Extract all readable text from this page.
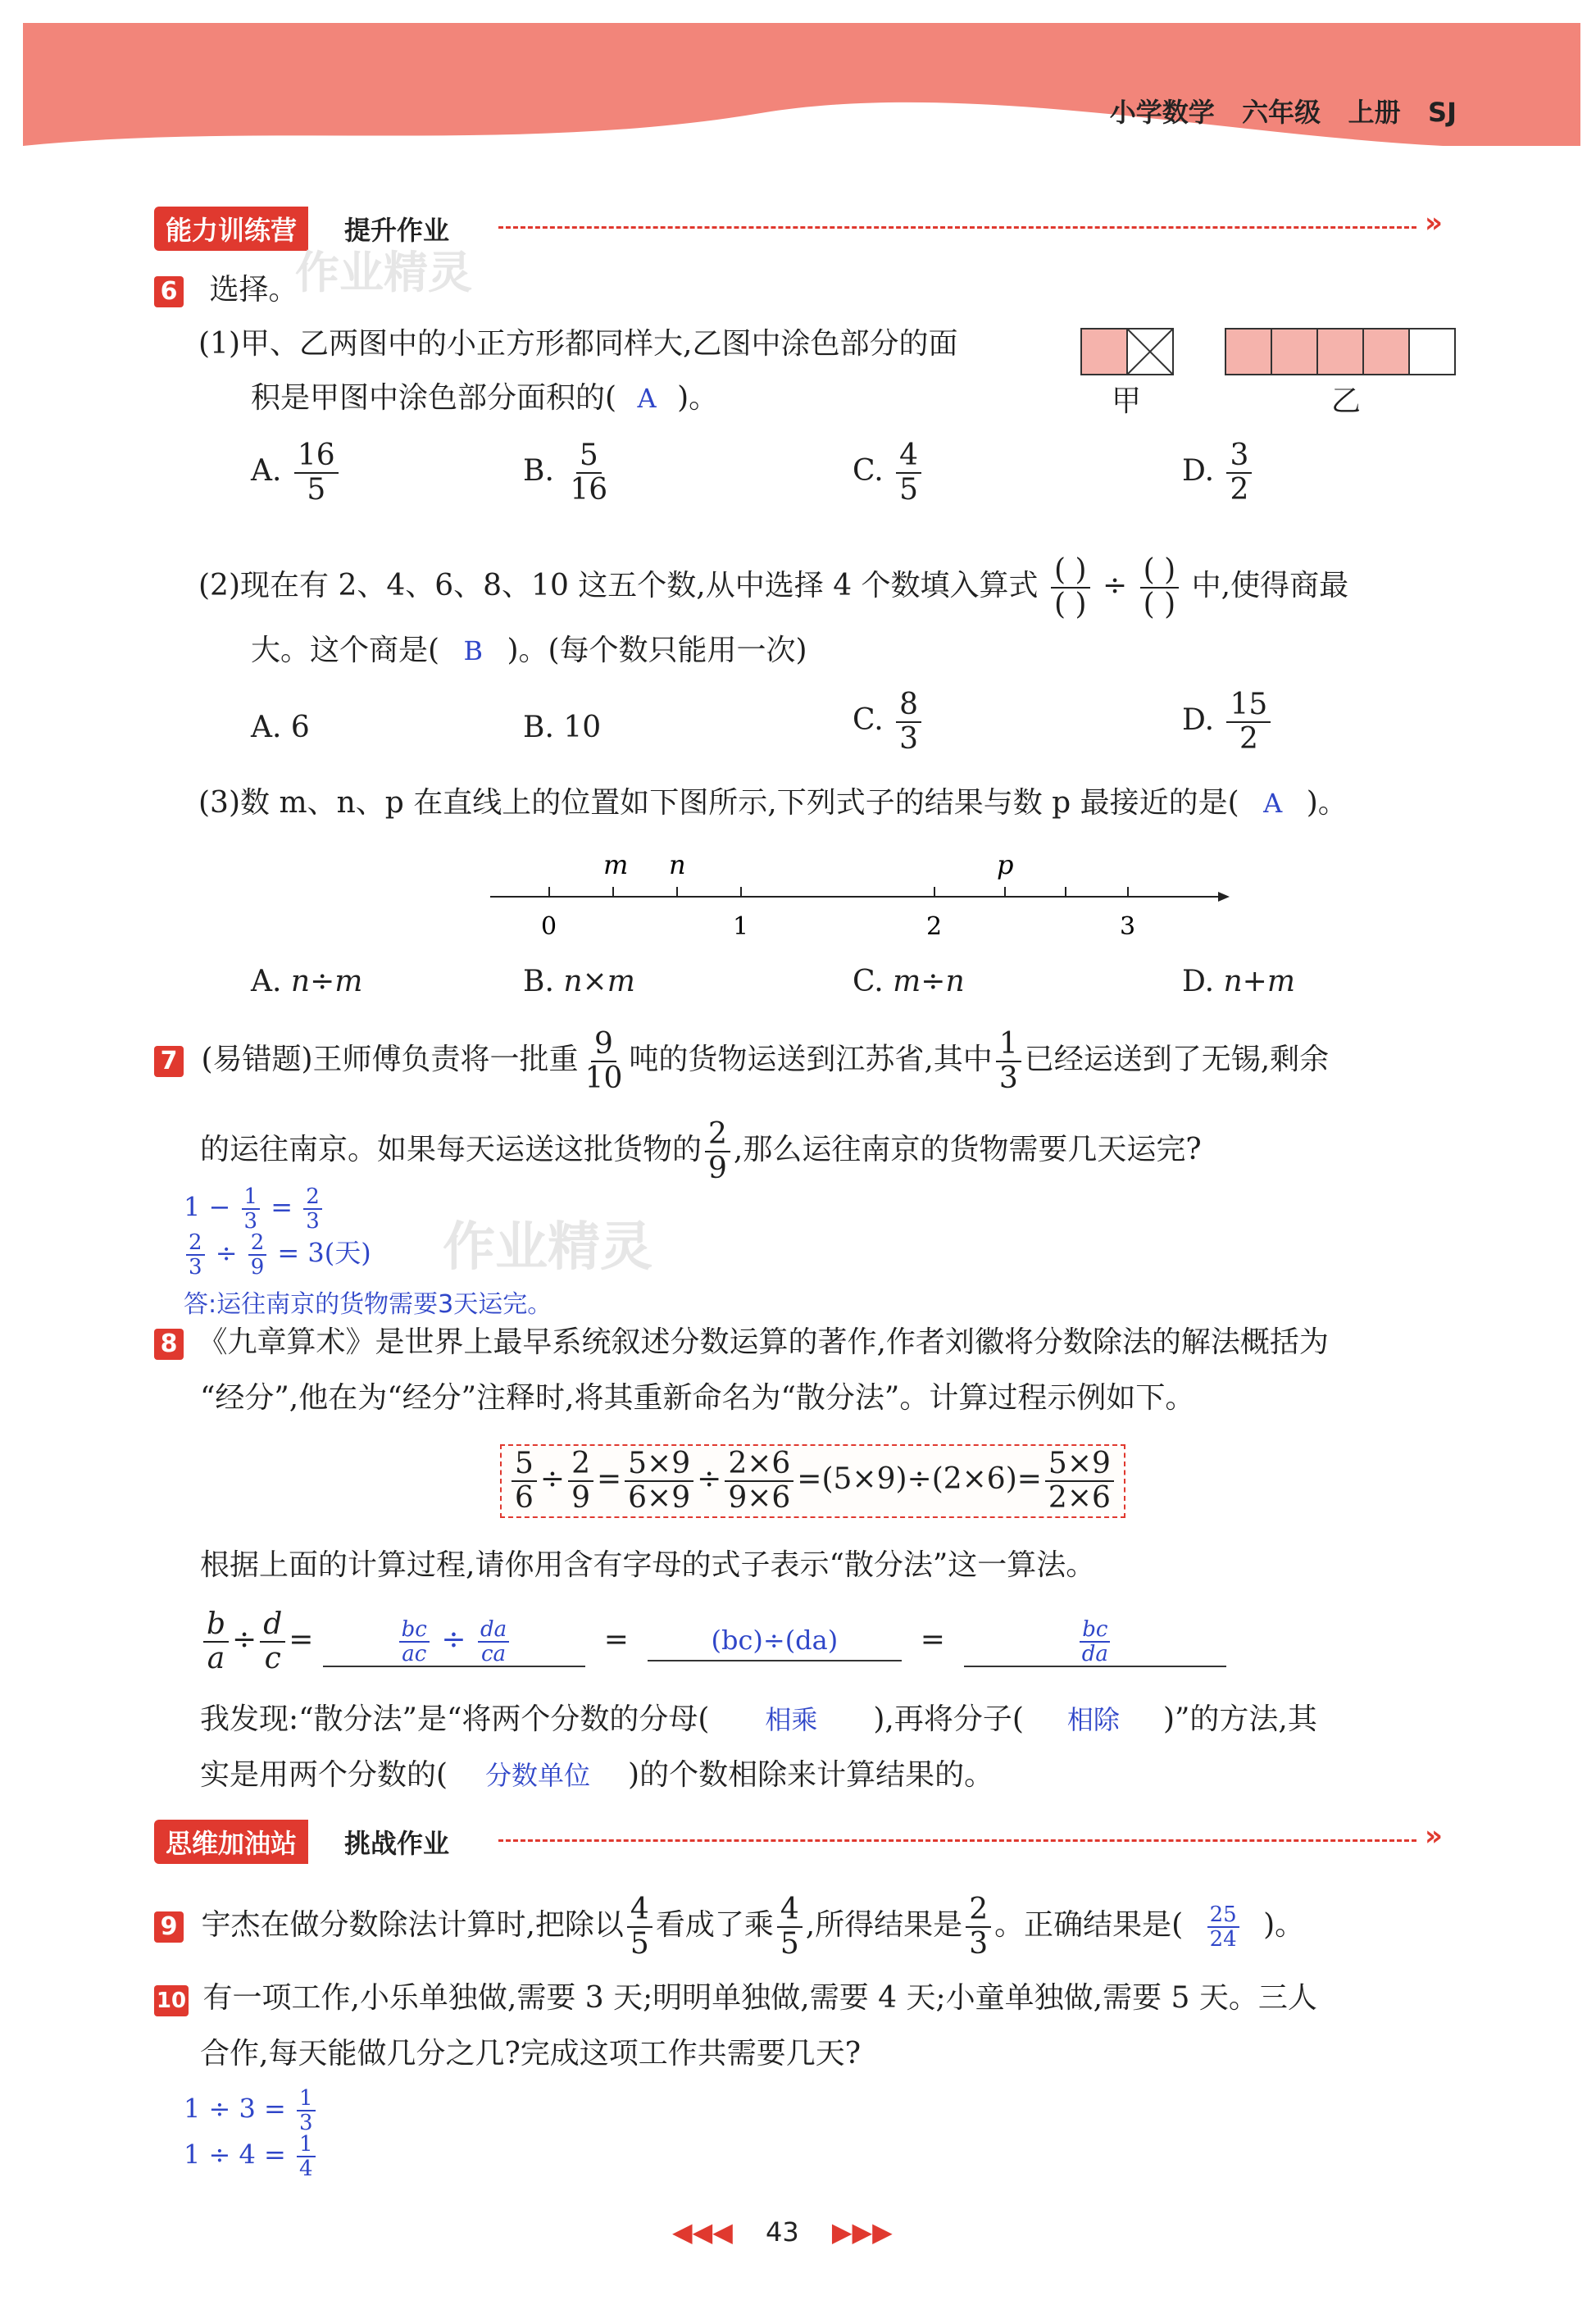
小学数学 六年级 上册 SJ
能力训练营	提升作业	»
作业精灵
作业精灵
6 选择。
(1)甲、乙两图中的小正方形都同样大,乙图中涂色部分的面
积是甲图中涂色部分面积的( A )。	甲	乙
A. $\frac{16}{5}$	B. $\frac{5}{16}$	C. $\frac{4}{5}$	D. $\frac{3}{2}$
(2)现在有 2、4、6、8、10 这五个数,从中选择 4 个数填入算式 $\frac{( )}{( )} \div \frac{( )}{( )}$ 中,使得商最
大。这个商是( B )。(每个数只能用一次)
A. 6	B. 10	C. $\frac{8}{3}$	D. $\frac{15}{2}$
(3)数 m、n、p 在直线上的位置如下图所示,下列式子的结果与数 p 最接近的是( A )。
m n	p
0	1	2	3
A. n÷m	B. n×m	C. m÷n	D. n+m
7 (易错题)王师傅负责将一批重 $\frac{9}{10}$ 吨的货物运送到江苏省,其中 $\frac{1}{3}$ 已经运送到了无锡,剩余
的运往南京。如果每天运送这批货物的 $\frac{2}{9}$ ,那么运往南京的货物需要几天运完?
$1 - \frac{1}{3} = \frac{2}{3}$
$\frac{2}{3} \div \frac{2}{9} = 3$(天)
答:运往南京的货物需要3天运完。
8 《九章算术》是世界上最早系统叙述分数运算的著作,作者刘徽将分数除法的解法概括为
“经分”,他在为“经分”注释时,将其重新命名为“散分法”。计算过程示例如下。
$\frac{5}{6} \div \frac{2}{9} = \frac{5\times 9}{6\times 9} \div \frac{2\times 6}{9\times 6} =(5\times 9)\div(2\times 6)= \frac{5\times 9}{2\times 6}$
根据上面的计算过程,请你用含有字母的式子表示“散分法”这一算法。
$\frac{b}{a} \div \frac{d}{c}$ =	$\frac{bc}{ac} \div \frac{da}{ca}$	=	(bc)÷(da)  =	$\frac{bc}{da}$
我发现:“散分法”是“将两个分数的分母( 相乘 ),再将分子( 相除 )”的方法,其
实是用两个分数的( 分数单位 )的个数相除来计算结果的。
思维加油站	挑战作业	»
9 宇杰在做分数除法计算时,把除以 $\frac{4}{5}$ 看成了乘 $\frac{4}{5}$ ,所得结果是 $\frac{2}{3}$ 。正确结果是( $\frac{25}{24}$ )。
10 有一项工作,小乐单独做,需要 3 天;明明单独做,需要 4 天;小童单独做,需要 5 天。三人
合作,每天能做几分之几?完成这项工作共需要几天?
$1 \div 3 = \frac{1}{3}$
$1 \div 4 = \frac{1}{4}$
◀◀◀ 43 ▶▶▶
